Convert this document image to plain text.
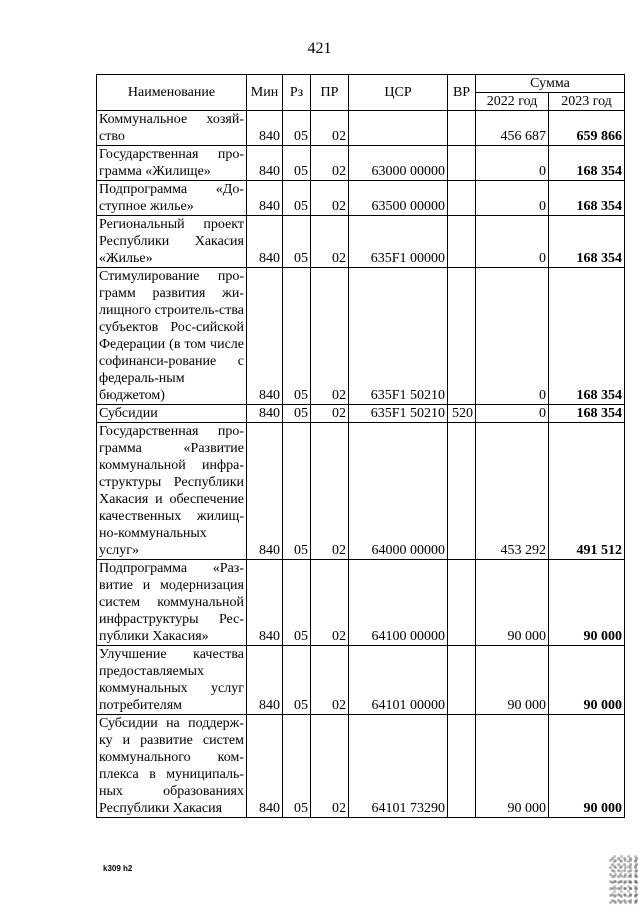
421
Наименование	Мин	Рз	ПР	ЦСР	ВР	Сумма	
						2022 год	2023 год
Коммунальное хозяй-ство	840	05	02			456 687	659 866
Государственная про-грамма «Жилище»	840	05	02	63000 00000		0	168 354
Подпрограмма «До-ступное жилье»	840	05	02	63500 00000		0	168 354
Региональный проект Республики Хакасия «Жилье»	840	05	02	635F1 00000		0	168 354
Стимулирование про-грамм развития жи-лищного строитель-ства субъектов Рос-сийской Федерации (в том числе софинанси-рование с федераль-ным бюджетом)	840	05	02	635F1 50210		0	168 354
Субсидии	840	05	02	635F1 50210	520	0	168 354
Государственная про-грамма «Развитие коммунальной инфра-структуры Республики Хакасия и обеспечение качественных жилищ-но-коммунальных услуг»	840	05	02	64000 00000		453 292	491 512
Подпрограмма «Раз-витие и модернизация систем коммунальной инфраструктуры Рес-публики Хакасия»	840	05	02	64100 00000		90 000	90 000
Улучшение качества предоставляемых коммунальных услуг потребителям	840	05	02	64101 00000		90 000	90 000
Субсидии на поддерж-ку и развитие систем коммунального ком-плекса в муниципаль-ных образованиях Республики Хакасия	840	05	02	64101 73290		90 000	90 000
k309 h2
